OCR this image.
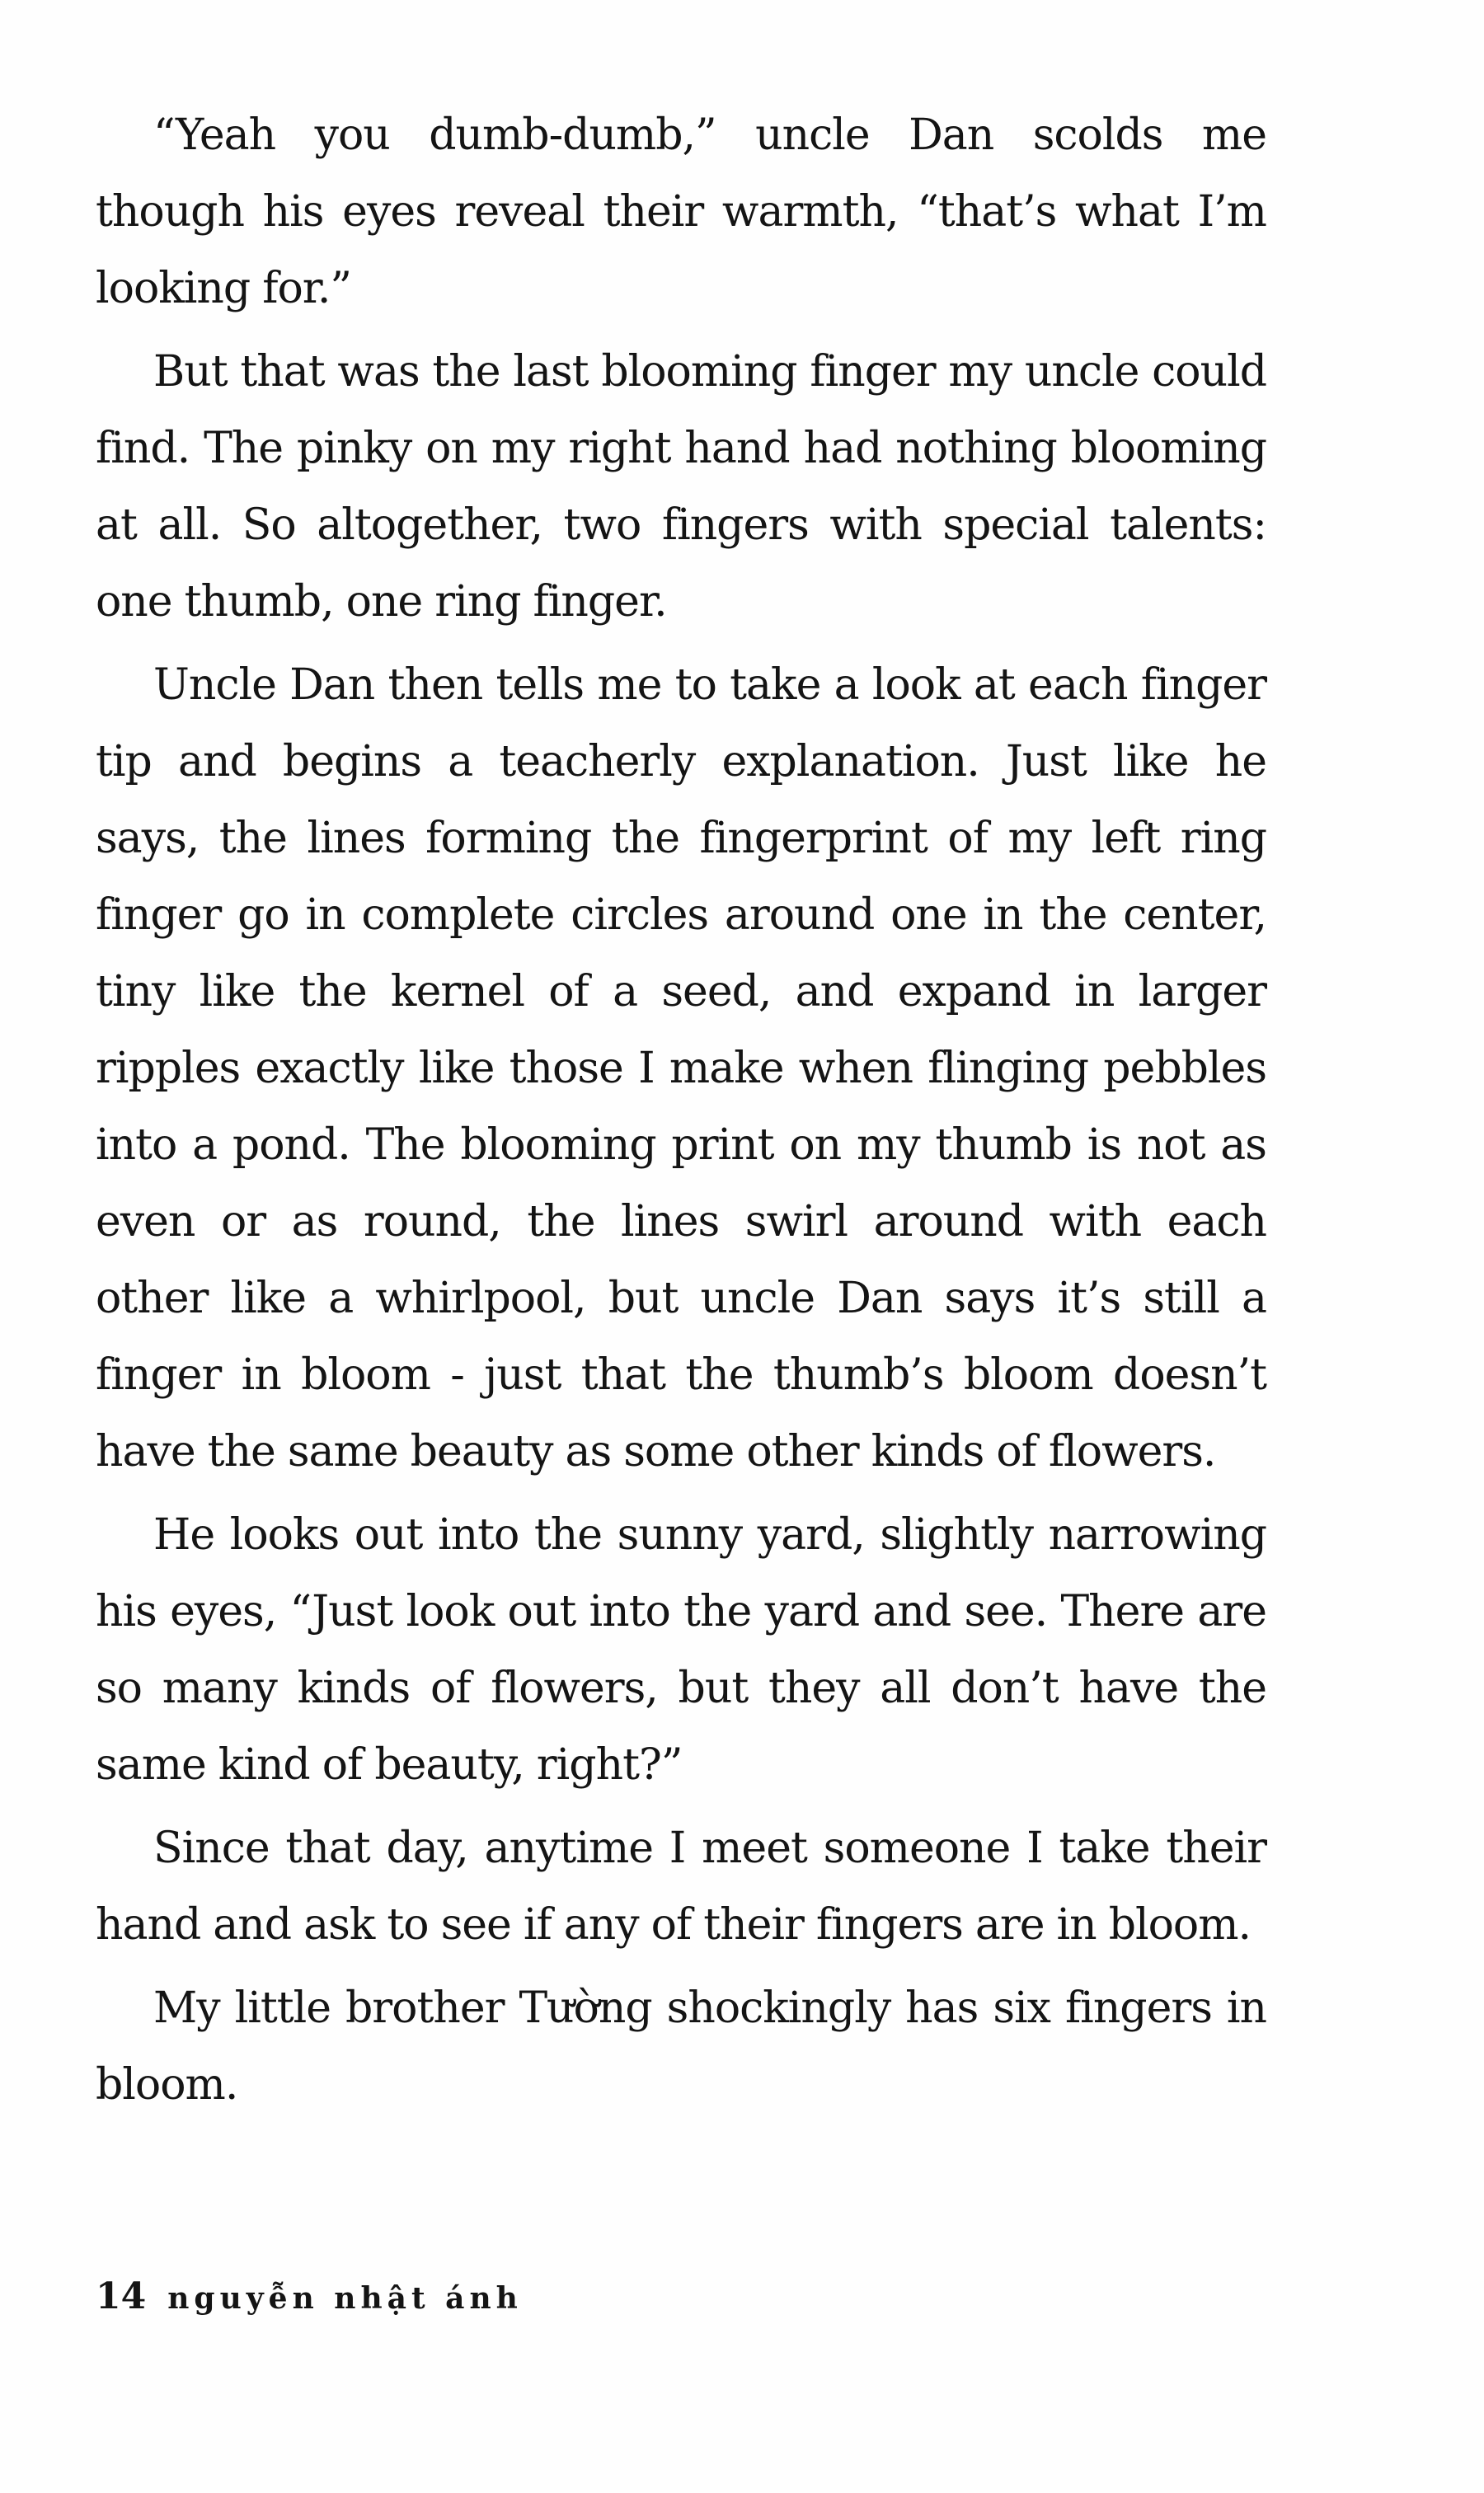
“Yeah you dumb-dumb,” uncle Dan scolds me though his eyes reveal their warmth, “that’s what I’m looking for.”

But that was the last blooming finger my uncle could find. The pinky on my right hand had nothing blooming at all. So altogether, two fingers with special talents: one thumb, one ring finger.

Uncle Dan then tells me to take a look at each finger tip and begins a teacherly explanation. Just like he says, the lines forming the fingerprint of my left ring finger go in complete circles around one in the center, tiny like the kernel of a seed, and expand in larger ripples exactly like those I make when flinging pebbles into a pond. The blooming print on my thumb is not as even or as round, the lines swirl around with each other like a whirlpool, but uncle Dan says it’s still a finger in bloom - just that the thumb’s bloom doesn’t have the same beauty as some other kinds of flowers.

He looks out into the sunny yard, slightly narrowing his eyes, “Just look out into the yard and see. There are so many kinds of flowers, but they all don’t have the same kind of beauty, right?”

Since that day, anytime I meet someone I take their hand and ask to see if any of their fingers are in bloom.

My little brother Tường shockingly has six fingers in bloom.

14 nguyễn nhật ánh
